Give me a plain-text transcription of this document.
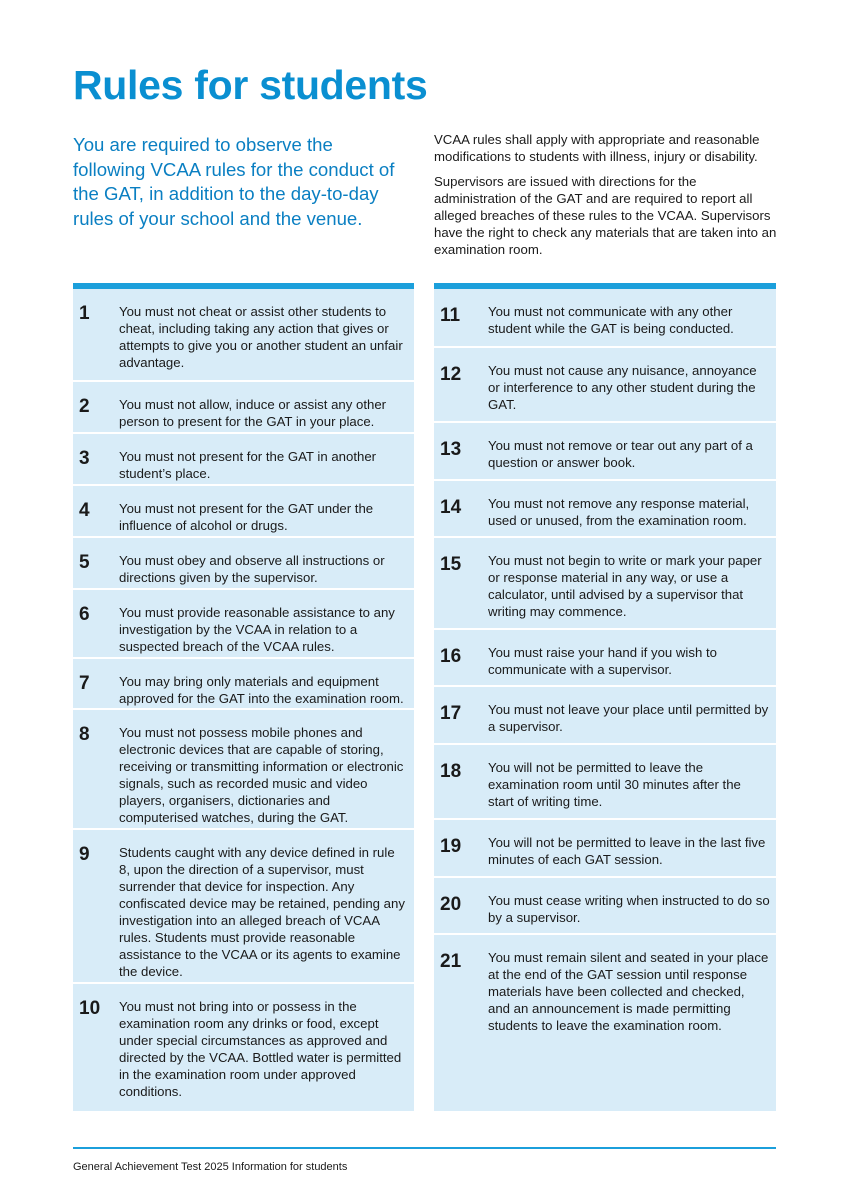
Rules for students

You are required to observe the following VCAA rules for the conduct of the GAT, in addition to the day-to-day rules of your school and the venue.

VCAA rules shall apply with appropriate and reasonable modifications to students with illness, injury or disability.

Supervisors are issued with directions for the administration of the GAT and are required to report all alleged breaches of these rules to the VCAA. Supervisors have the right to check any materials that are taken into an examination room.

1	You must not cheat or assist other students to cheat, including taking any action that gives or attempts to give you or another student an unfair advantage.
2	You must not allow, induce or assist any other person to present for the GAT in your place.
3	You must not present for the GAT in another student’s place.
4	You must not present for the GAT under the influence of alcohol or drugs.
5	You must obey and observe all instructions or directions given by the supervisor.
6	You must provide reasonable assistance to any investigation by the VCAA in relation to a suspected breach of the VCAA rules.
7	You may bring only materials and equipment approved for the GAT into the examination room.
8	You must not possess mobile phones and electronic devices that are capable of storing, receiving or transmitting information or electronic signals, such as recorded music and video players, organisers, dictionaries and computerised watches, during the GAT.
9	Students caught with any device defined in rule 8, upon the direction of a supervisor, must surrender that device for inspection. Any confiscated device may be retained, pending any investigation into an alleged breach of VCAA rules. Students must provide reasonable assistance to the VCAA or its agents to examine the device.
10	You must not bring into or possess in the examination room any drinks or food, except under special circumstances as approved and directed by the VCAA. Bottled water is permitted in the examination room under approved conditions.
11	You must not communicate with any other student while the GAT is being conducted.
12	You must not cause any nuisance, annoyance or interference to any other student during the GAT.
13	You must not remove or tear out any part of a question or answer book.
14	You must not remove any response material, used or unused, from the examination room.
15	You must not begin to write or mark your paper or response material in any way, or use a calculator, until advised by a supervisor that writing may commence.
16	You must raise your hand if you wish to communicate with a supervisor.
17	You must not leave your place until permitted by a supervisor.
18	You will not be permitted to leave the examination room until 30 minutes after the start of writing time.
19	You will not be permitted to leave in the last five minutes of each GAT session.
20	You must cease writing when instructed to do so by a supervisor.
21	You must remain silent and seated in your place at the end of the GAT session until response materials have been collected and checked, and an announcement is made permitting students to leave the examination room.
General Achievement Test 2025 Information for students
